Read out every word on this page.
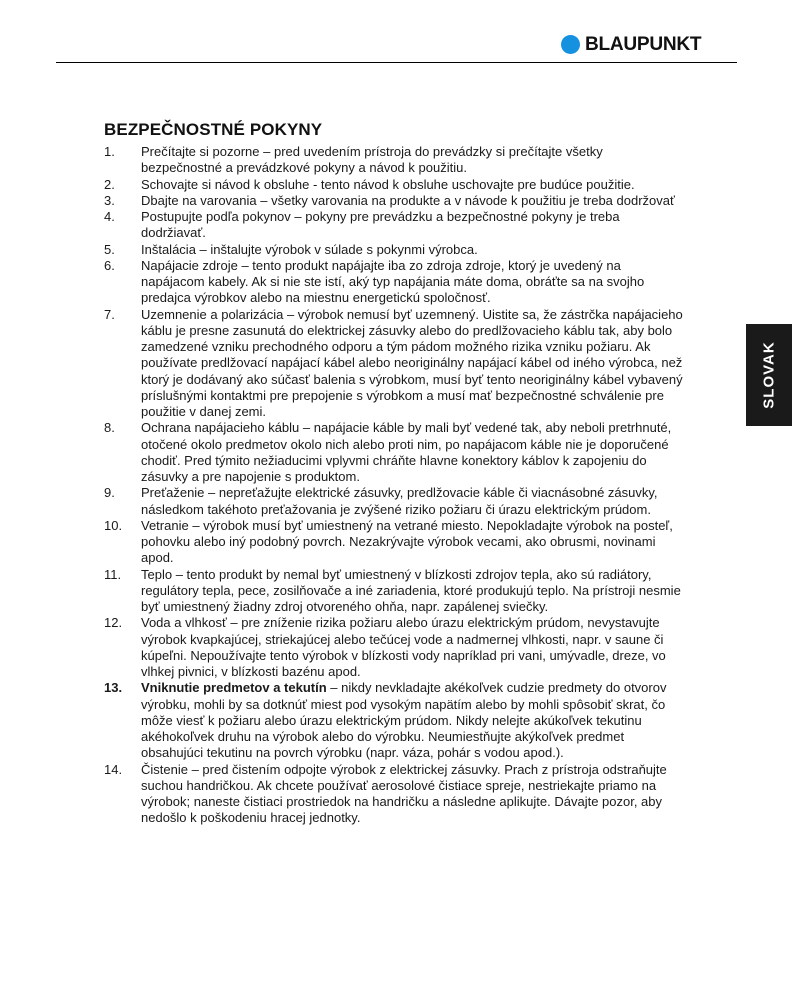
BLAUPUNKT
SLOVAK
BEZPEČNOSTNÉ POKYNY
1. Prečítajte si pozorne – pred uvedením prístroja do prevádzky si prečítajte všetky bezpečnostné a prevádzkové pokyny a návod k použitiu.
2. Schovajte si návod k obsluhe - tento návod k obsluhe uschovajte pre budúce použitie.
3. Dbajte na varovania – všetky varovania na produkte a v návode k použitiu je treba dodržovať
4. Postupujte podľa pokynov – pokyny pre prevádzku a bezpečnostné pokyny je treba dodržiavať.
5. Inštalácia – inštalujte výrobok v súlade s pokynmi výrobca.
6. Napájacie zdroje – tento produkt napájajte iba zo zdroja zdroje, ktorý je uvedený na napájacom kabely. Ak si nie ste istí, aký typ napájania máte doma, obráťte sa na svojho predajca výrobkov alebo na miestnu energetickú spoločnosť.
7. Uzemnenie a polarizácia – výrobok nemusí byť uzemnený. Uistite sa, že zástrčka napájacieho káblu je presne zasunutá do elektrickej zásuvky alebo do predlžovacieho káblu tak, aby bolo zamedzené vzniku prechodného odporu a tým pádom možného rizika vzniku požiaru. Ak používate predlžovací napájací kábel alebo neoriginálny napájací kábel od iného výrobca, než ktorý je dodávaný ako súčasť balenia s výrobkom, musí byť tento neoriginálny kábel vybavený príslušnými kontaktmi pre prepojenie s výrobkom a musí mať bezpečnostné schválenie pre použitie v danej zemi.
8. Ochrana napájacieho káblu – napájacie káble by mali byť vedené tak, aby neboli pretrhnuté, otočené okolo predmetov okolo nich alebo proti nim, po napájacom káble nie je doporučené chodiť. Pred týmito nežiaducimi vplyvmi chráňte hlavne konektory káblov k zapojeniu do zásuvky a pre napojenie s produktom.
9. Preťaženie – nepreťažujte elektrické zásuvky, predlžovacie káble či viacnásobné zásuvky, následkom takéhoto preťažovania je zvýšené riziko požiaru či úrazu elektrickým prúdom.
10. Vetranie – výrobok musí byť umiestnený na vetrané miesto. Nepokladajte výrobok na posteľ, pohovku alebo iný podobný povrch. Nezakrývajte výrobok vecami, ako obrusmi, novinami apod.
11. Teplo – tento produkt by nemal byť umiestnený v blízkosti zdrojov tepla, ako sú radiátory, regulátory tepla, pece, zosilňovače a iné zariadenia, ktoré produkujú teplo. Na prístroji nesmie byť umiestnený žiadny zdroj otvoreného ohňa, napr. zapálenej sviečky.
12. Voda a vlhkosť – pre zníženie rizika požiaru alebo úrazu elektrickým prúdom, nevystavujte výrobok kvapkajúcej, striekajúcej alebo tečúcej vode a nadmernej vlhkosti, napr. v saune či kúpeľni. Nepoužívajte tento výrobok v blízkosti vody napríklad pri vani, umývadle, dreze, vo vlhkej pivnici, v blízkosti bazénu apod.
13. Vniknutie predmetov a tekutín – nikdy nevkladajte akékoľvek cudzie predmety do otvorov výrobku, mohli by sa dotknúť miest pod vysokým napätím alebo by mohli spôsobiť skrat, čo môže viesť k požiaru alebo úrazu elektrickým prúdom. Nikdy nelejte akúkoľvek tekutinu akéhokoľvek druhu na výrobok alebo do výrobku. Neumiestňujte akýkoľvek predmet obsahujúci tekutinu na povrch výrobku (napr. váza, pohár s vodou apod.).
14. Čistenie – pred čistením odpojte výrobok z elektrickej zásuvky. Prach z prístroja odstraňujte suchou handričkou. Ak chcete používať aerosolové čistiace spreje, nestriekajte priamo na výrobok; naneste čistiaci prostriedok na handričku a následne aplikujte. Dávajte pozor, aby nedošlo k poškodeniu hracej jednotky.
